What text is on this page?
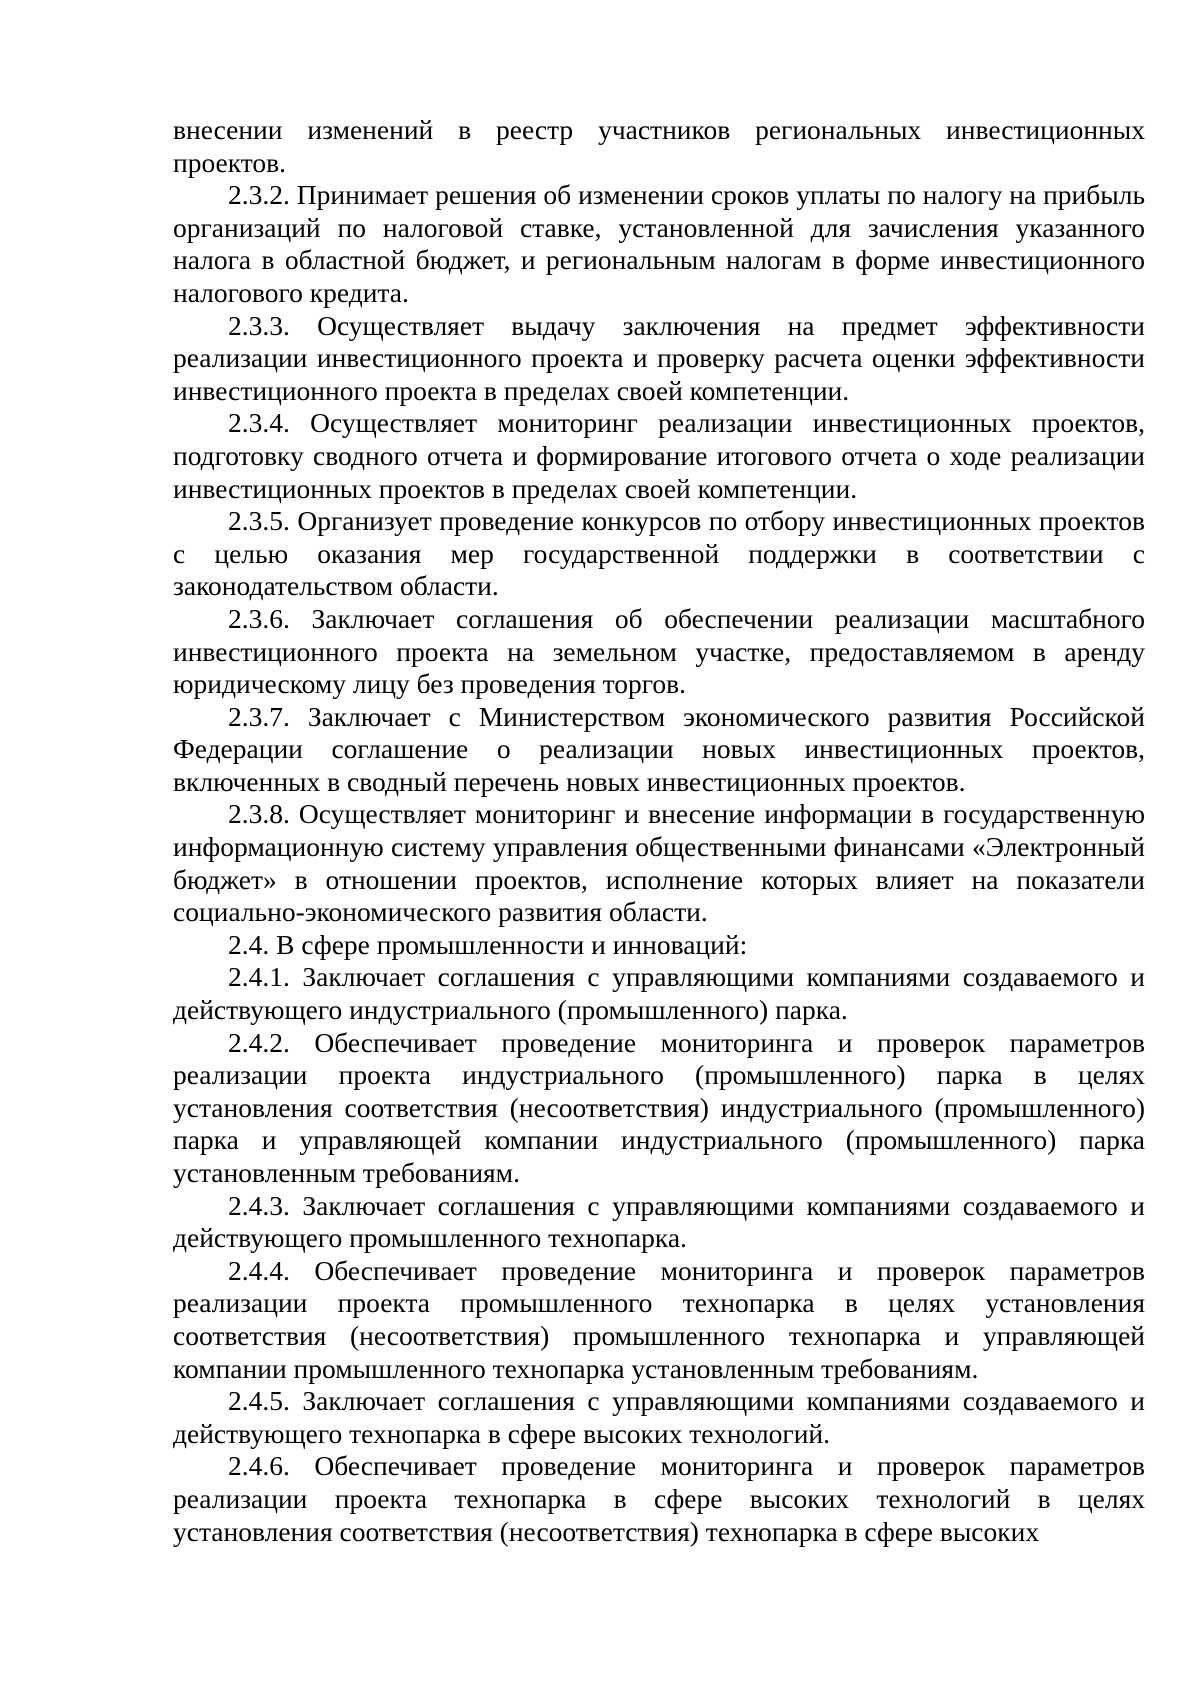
внесении изменений в реестр участников региональных инвестиционных проектов.

2.3.2. Принимает решения об изменении сроков уплаты по налогу на прибыль организаций по налоговой ставке, установленной для зачисления указанного налога в областной бюджет, и региональным налогам в форме инвестиционного налогового кредита.

2.3.3. Осуществляет выдачу заключения на предмет эффективности реализации инвестиционного проекта и проверку расчета оценки эффективности инвестиционного проекта в пределах своей компетенции.

2.3.4. Осуществляет мониторинг реализации инвестиционных проектов, подготовку сводного отчета и формирование итогового отчета о ходе реализации инвестиционных проектов в пределах своей компетенции.

2.3.5. Организует проведение конкурсов по отбору инвестиционных проектов с целью оказания мер государственной поддержки в соответствии с законодательством области.

2.3.6. Заключает соглашения об обеспечении реализации масштабного инвестиционного проекта на земельном участке, предоставляемом в аренду юридическому лицу без проведения торгов.

2.3.7. Заключает с Министерством экономического развития Российской Федерации соглашение о реализации новых инвестиционных проектов, включенных в сводный перечень новых инвестиционных проектов.

2.3.8. Осуществляет мониторинг и внесение информации в государственную информационную систему управления общественными финансами «Электронный бюджет» в отношении проектов, исполнение которых влияет на показатели социально-экономического развития области.

2.4. В сфере промышленности и инноваций:

2.4.1. Заключает соглашения с управляющими компаниями создаваемого и действующего индустриального (промышленного) парка.

2.4.2. Обеспечивает проведение мониторинга и проверок параметров реализации проекта индустриального (промышленного) парка в целях установления соответствия (несоответствия) индустриального (промышленного) парка и управляющей компании индустриального (промышленного) парка установленным требованиям.

2.4.3. Заключает соглашения с управляющими компаниями создаваемого и действующего промышленного технопарка.

2.4.4. Обеспечивает проведение мониторинга и проверок параметров реализации проекта промышленного технопарка в целях установления соответствия (несоответствия) промышленного технопарка и управляющей компании промышленного технопарка установленным требованиям.

2.4.5. Заключает соглашения с управляющими компаниями создаваемого и действующего технопарка в сфере высоких технологий.

2.4.6. Обеспечивает проведение мониторинга и проверок параметров реализации проекта технопарка в сфере высоких технологий в целях установления соответствия (несоответствия) технопарка в сфере высоких
